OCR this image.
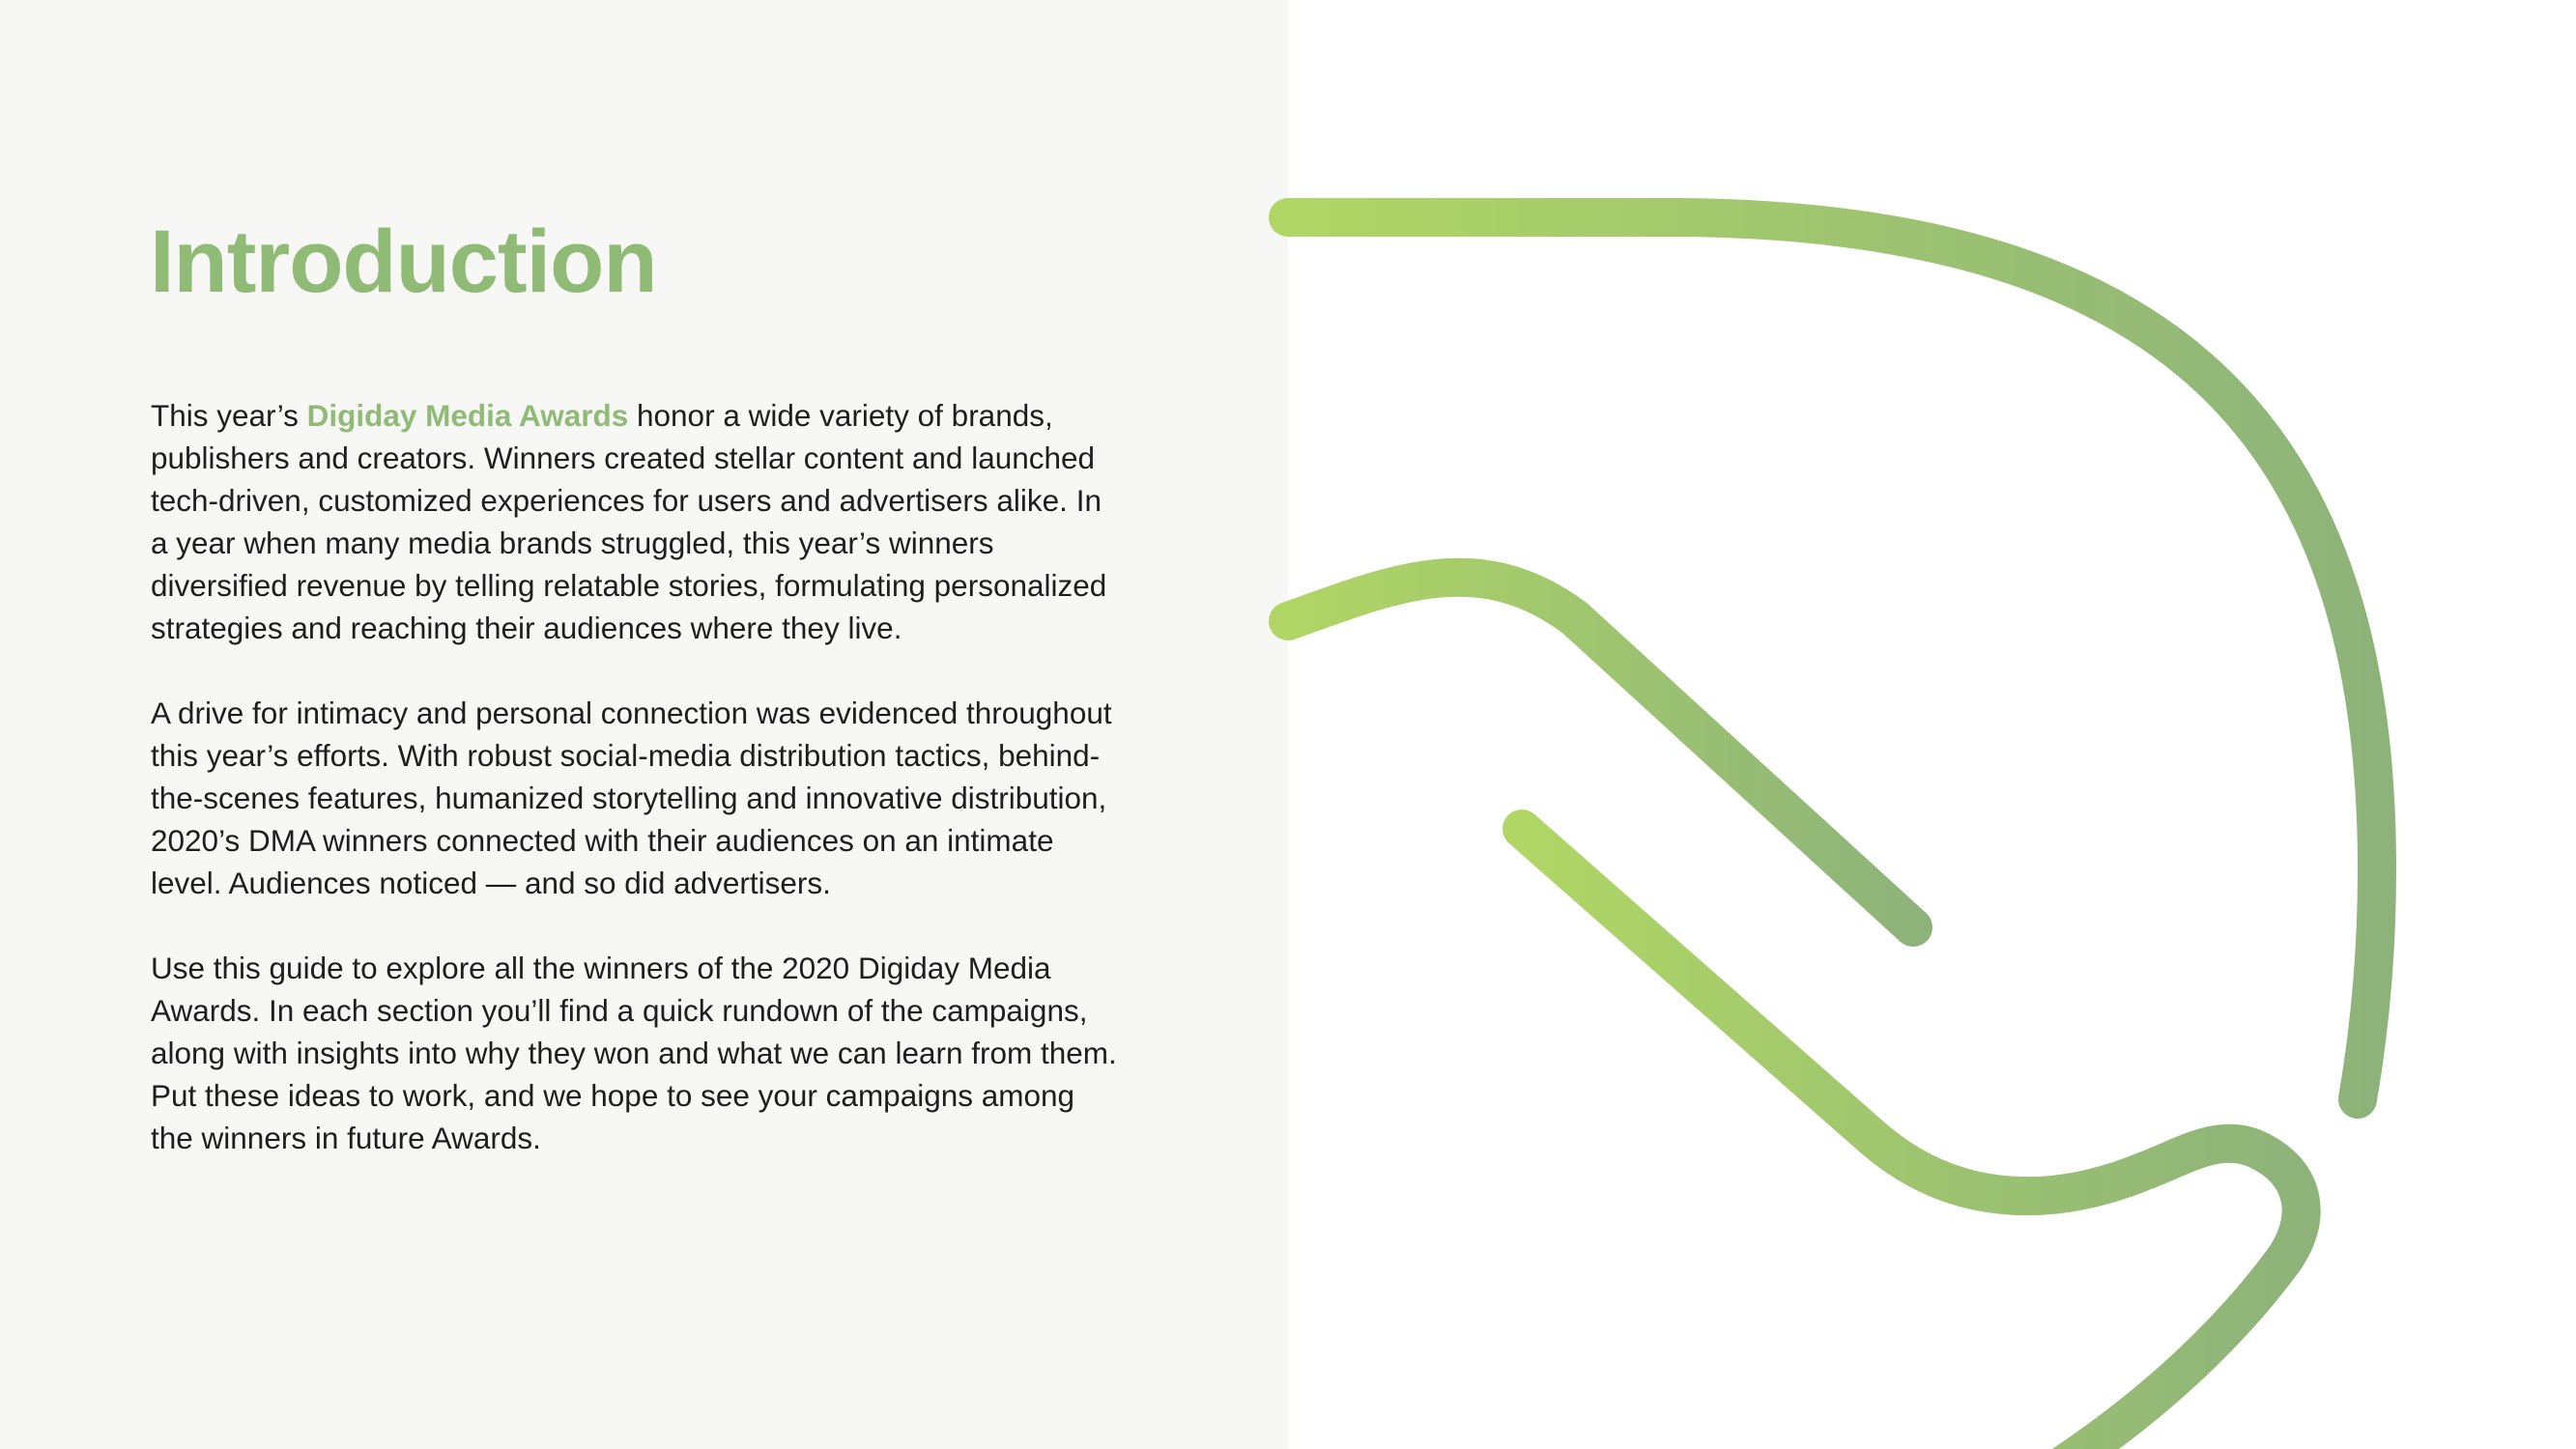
Introduction

This year’s Digiday Media Awards honor a wide variety of brands, publishers and creators. Winners created stellar content and launched tech-driven, customized experiences for users and advertisers alike. In a year when many media brands struggled, this year’s winners diversified revenue by telling relatable stories, formulating personalized strategies and reaching their audiences where they live.

A drive for intimacy and personal connection was evidenced throughout this year’s efforts. With robust social-media distribution tactics, behind-the-scenes features, humanized storytelling and innovative distribution, 2020’s DMA winners connected with their audiences on an intimate level. Audiences noticed — and so did advertisers.

Use this guide to explore all the winners of the 2020 Digiday Media Awards. In each section you’ll find a quick rundown of the campaigns, along with insights into why they won and what we can learn from them. Put these ideas to work, and we hope to see your campaigns among the winners in future Awards.
